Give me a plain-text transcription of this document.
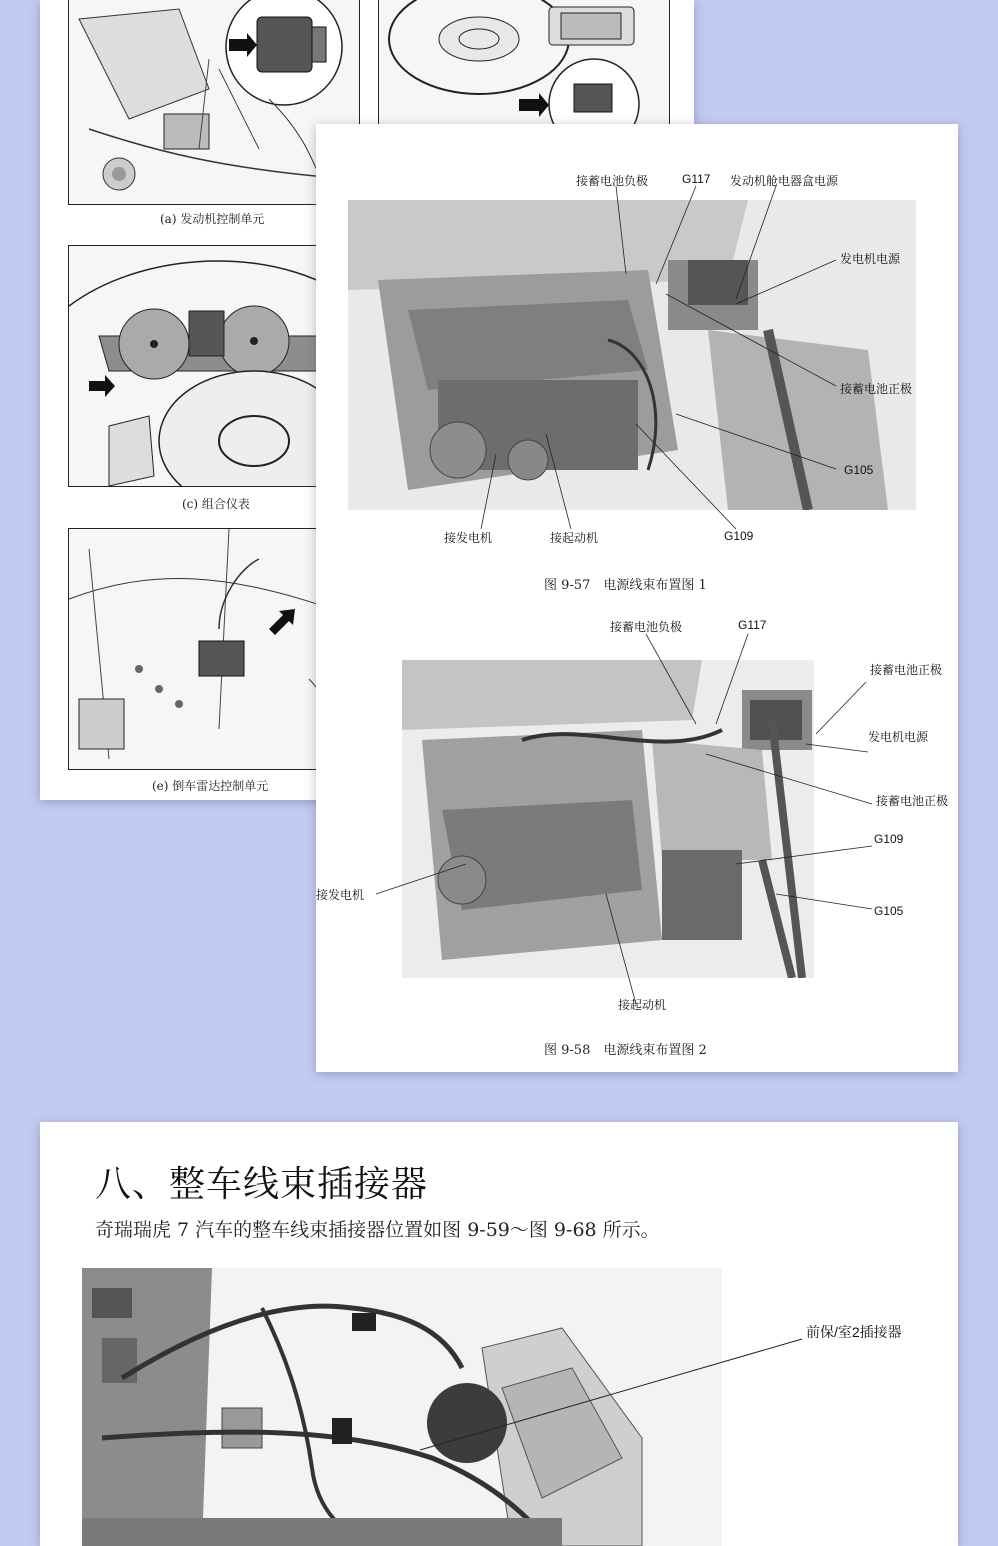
(a) 发动机控制单元
(c) 组合仪表
(e) 倒车雷达控制单元
接蓄电池负极	G117 发动机舱电器盒电源
发电机电源
接蓄电池正极
G105
接发电机	接起动机	G109
图 9-57　电源线束布置图 1
接蓄电池负极	G117
接蓄电池正极
发电机电源
接蓄电池正极
G109
接发电机
G105
接起动机
图 9-58　电源线束布置图 2
八、整车线束插接器
奇瑞瑞虎 7 汽车的整车线束插接器位置如图 9-59～图 9-68 所示。
前保/室2插接器
